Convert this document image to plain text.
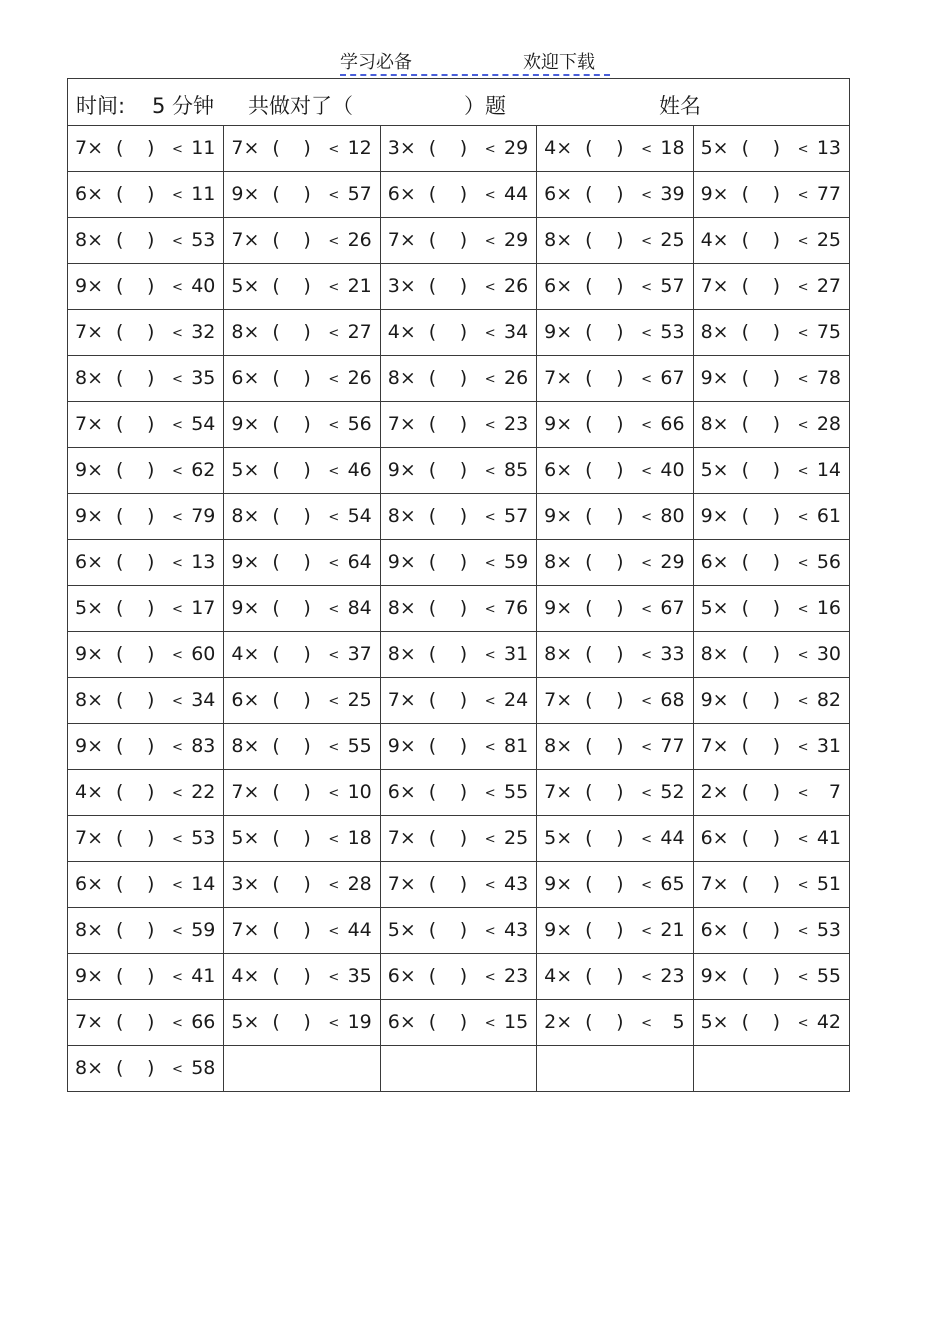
学习必备	欢迎下载
时间: 5 分钟 共做对了（ ）题 姓名				

7× ( ) < 11	7× ( ) < 12	3× ( ) < 29	4× ( ) < 18	5× ( ) < 13

6× ( ) < 11	9× ( ) < 57	6× ( ) < 44	6× ( ) < 39	9× ( ) < 77

8× ( ) < 53	7× ( ) < 26	7× ( ) < 29	8× ( ) < 25	4× ( ) < 25

9× ( ) < 40	5× ( ) < 21	3× ( ) < 26	6× ( ) < 57	7× ( ) < 27

7× ( ) < 32	8× ( ) < 27	4× ( ) < 34	9× ( ) < 53	8× ( ) < 75

8× ( ) < 35	6× ( ) < 26	8× ( ) < 26	7× ( ) < 67	9× ( ) < 78

7× ( ) < 54	9× ( ) < 56	7× ( ) < 23	9× ( ) < 66	8× ( ) < 28

9× ( ) < 62	5× ( ) < 46	9× ( ) < 85	6× ( ) < 40	5× ( ) < 14

9× ( ) < 79	8× ( ) < 54	8× ( ) < 57	9× ( ) < 80	9× ( ) < 61

6× ( ) < 13	9× ( ) < 64	9× ( ) < 59	8× ( ) < 29	6× ( ) < 56

5× ( ) < 17	9× ( ) < 84	8× ( ) < 76	9× ( ) < 67	5× ( ) < 16

9× ( ) < 60	4× ( ) < 37	8× ( ) < 31	8× ( ) < 33	8× ( ) < 30

8× ( ) < 34	6× ( ) < 25	7× ( ) < 24	7× ( ) < 68	9× ( ) < 82

9× ( ) < 83	8× ( ) < 55	9× ( ) < 81	8× ( ) < 77	7× ( ) < 31

4× ( ) < 22	7× ( ) < 10	6× ( ) < 55	7× ( ) < 52	2× ( ) < 7

7× ( ) < 53	5× ( ) < 18	7× ( ) < 25	5× ( ) < 44	6× ( ) < 41

6× ( ) < 14	3× ( ) < 28	7× ( ) < 43	9× ( ) < 65	7× ( ) < 51

8× ( ) < 59	7× ( ) < 44	5× ( ) < 43	9× ( ) < 21	6× ( ) < 53

9× ( ) < 41	4× ( ) < 35	6× ( ) < 23	4× ( ) < 23	9× ( ) < 55

7× ( ) < 66	5× ( ) < 19	6× ( ) < 15	2× ( ) < 5	5× ( ) < 42

8× ( ) < 58				
